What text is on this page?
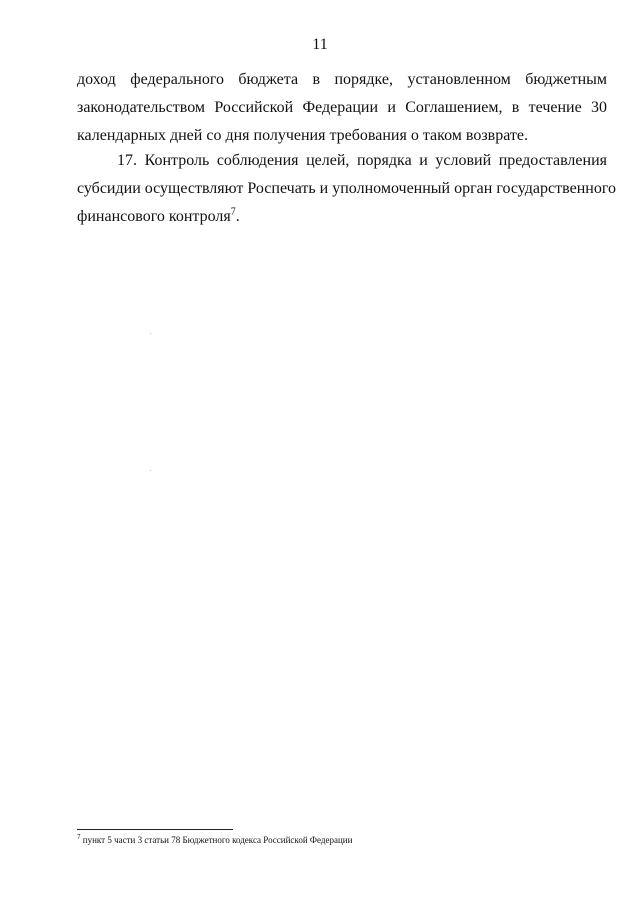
11
доход федерального бюджета в порядке, установленном бюджетным
законодательством Российской Федерации и Соглашением, в течение 30
календарных дней со дня получения требования о таком возврате.
17. Контроль соблюдения целей, порядка и условий предоставления
субсидии осуществляют Роспечать и уполномоченный орган государственного
финансового контроля$^7$.
$^7$ пункт 5 части 3 статьи 78 Бюджетного кодекса Российской Федерации
